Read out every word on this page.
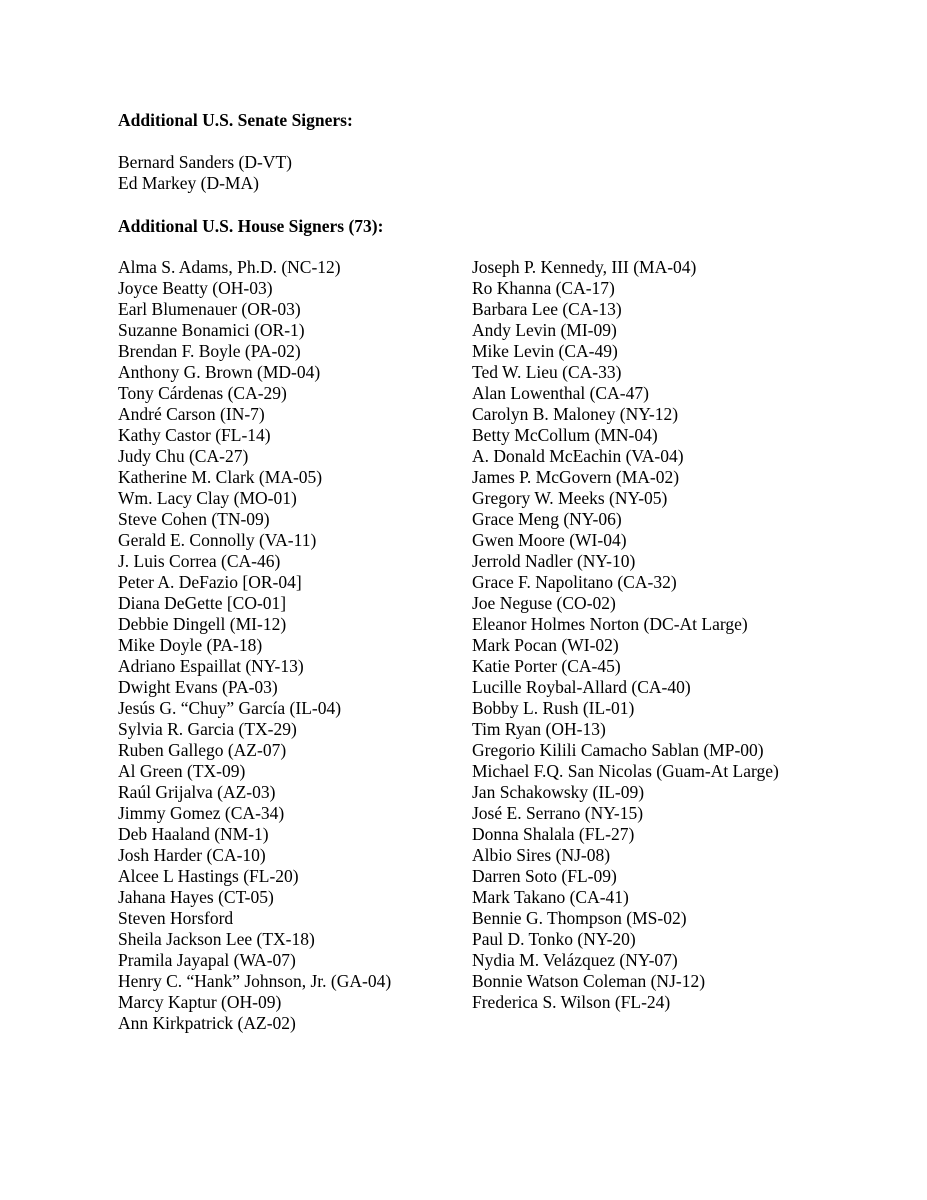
Additional U.S. Senate Signers:
Bernard Sanders (D-VT)
Ed Markey (D-MA)
Additional U.S. House Signers (73):
Alma S. Adams, Ph.D. (NC-12)
Joyce Beatty (OH-03)
Earl Blumenauer (OR-03)
Suzanne Bonamici (OR-1)
Brendan F. Boyle (PA-02)
Anthony G. Brown (MD-04)
Tony Cárdenas (CA-29)
André Carson (IN-7)
Kathy Castor (FL-14)
Judy Chu (CA-27)
Katherine M. Clark (MA-05)
Wm. Lacy Clay (MO-01)
Steve Cohen (TN-09)
Gerald E. Connolly (VA-11)
J. Luis Correa (CA-46)
Peter A. DeFazio [OR-04]
Diana DeGette [CO-01]
Debbie Dingell (MI-12)
Mike Doyle (PA-18)
Adriano Espaillat (NY-13)
Dwight Evans (PA-03)
Jesús G. “Chuy” García (IL-04)
Sylvia R. Garcia (TX-29)
Ruben Gallego (AZ-07)
Al Green (TX-09)
Raúl Grijalva (AZ-03)
Jimmy Gomez (CA-34)
Deb Haaland (NM-1)
Josh Harder (CA-10)
Alcee L Hastings (FL-20)
Jahana Hayes (CT-05)
Steven Horsford
Sheila Jackson Lee (TX-18)
Pramila Jayapal (WA-07)
Henry C. “Hank” Johnson, Jr. (GA-04)
Marcy Kaptur (OH-09)
Ann Kirkpatrick (AZ-02)
Joseph P. Kennedy, III (MA-04)
Ro Khanna (CA-17)
Barbara Lee (CA-13)
Andy Levin (MI-09)
Mike Levin (CA-49)
Ted W. Lieu (CA-33)
Alan Lowenthal (CA-47)
Carolyn B. Maloney (NY-12)
Betty McCollum (MN-04)
A. Donald McEachin (VA-04)
James P. McGovern (MA-02)
Gregory W. Meeks (NY-05)
Grace Meng (NY-06)
Gwen Moore (WI-04)
Jerrold Nadler (NY-10)
Grace F. Napolitano (CA-32)
Joe Neguse (CO-02)
Eleanor Holmes Norton (DC-At Large)
Mark Pocan (WI-02)
Katie Porter (CA-45)
Lucille Roybal-Allard (CA-40)
Bobby L. Rush (IL-01)
Tim Ryan (OH-13)
Gregorio Kilili Camacho Sablan (MP-00)
Michael F.Q. San Nicolas (Guam-At Large)
Jan Schakowsky (IL-09)
José E. Serrano (NY-15)
Donna Shalala (FL-27)
Albio Sires (NJ-08)
Darren Soto (FL-09)
Mark Takano (CA-41)
Bennie G. Thompson (MS-02)
Paul D. Tonko (NY-20)
Nydia M. Velázquez (NY-07)
Bonnie Watson Coleman (NJ-12)
Frederica S. Wilson (FL-24)
